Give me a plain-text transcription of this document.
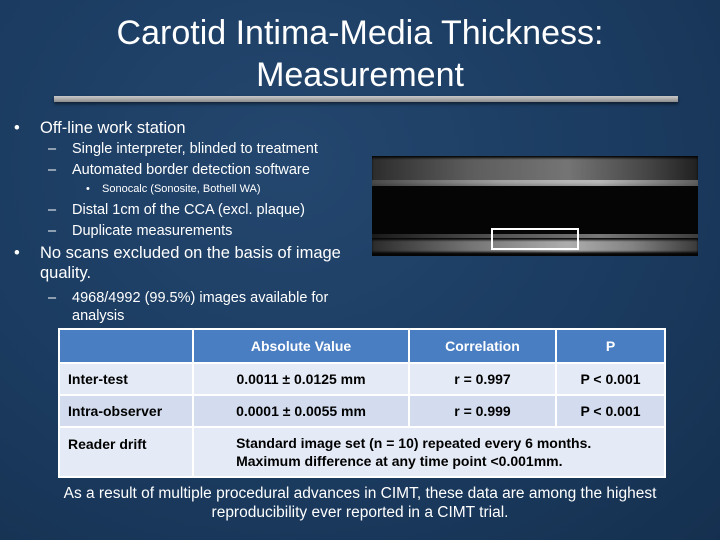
Carotid Intima-Media Thickness:
Measurement
• Off-line work station
– Single interpreter, blinded to treatment
– Automated border detection software
• Sonocalc (Sonosite, Bothell WA)
– Distal 1cm of the CCA (excl. plaque)
– Duplicate measurements
• No scans excluded on the basis of image quality.
– 4968/4992 (99.5%) images available for analysis
	Absolute Value	Correlation	P
Inter-test	0.0011 ± 0.0125 mm	r = 0.997	P < 0.001
Intra-observer	0.0001 ± 0.0055 mm	r = 0.999	P < 0.001
Reader drift	Standard image set (n = 10) repeated every 6 months.
Maximum difference at any time point <0.001mm.		
As a result of multiple procedural advances in CIMT, these data are among the highest reproducibility ever reported in a CIMT trial.
